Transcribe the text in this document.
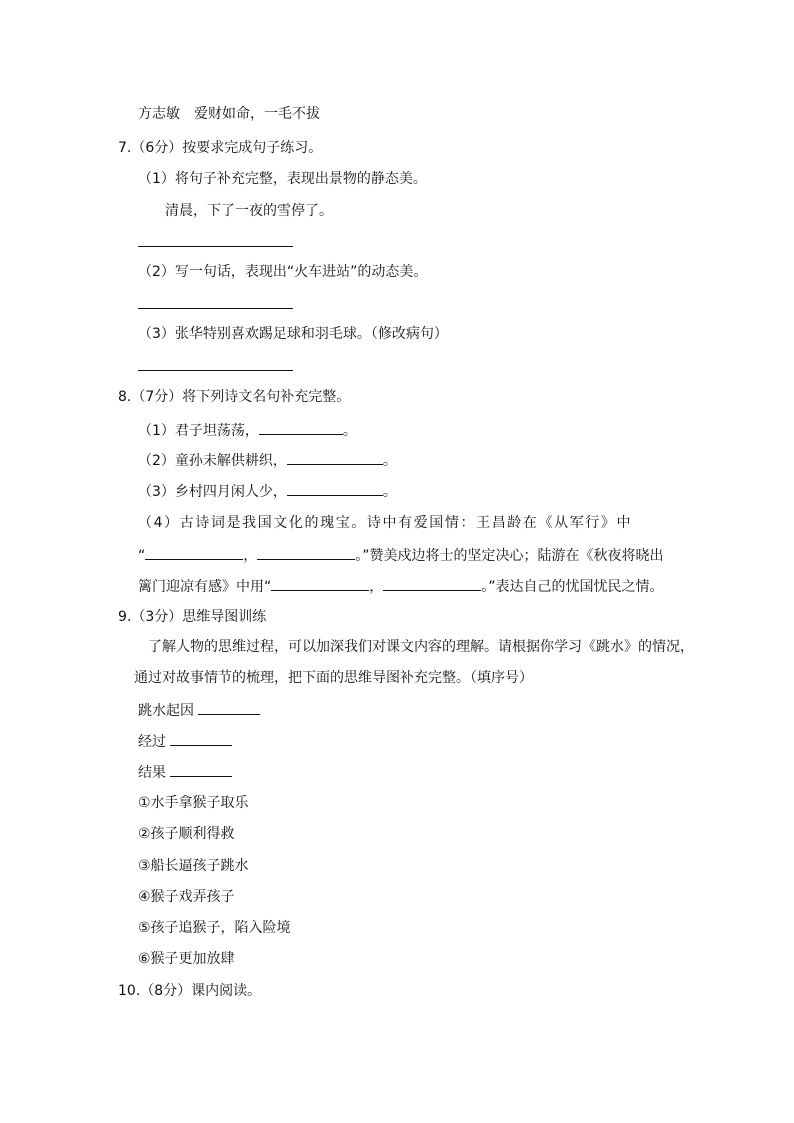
方志敏　爱财如命，一毛不拔
7.（6分）按要求完成句子练习。
（1）将句子补充完整，表现出景物的静态美。
清晨，下了一夜的雪停了。
（2）写一句话，表现出“火车进站”的动态美。
（3）张华特别喜欢踢足球和羽毛球。（修改病句）
8.（7分）将下列诗文名句补充完整。
（1）君子坦荡荡，	。
（2）童孙未解供耕织，	。
（3）乡村四月闲人少，	。
（4）古诗词是我国文化的瑰宝。诗中有爱国情：王昌龄在《从军行》中
“	，	。”赞美戍边将士的坚定决心；陆游在《秋夜将晓出
篱门迎凉有感》中用“	，	。”表达自己的忧国忧民之情。
9.（3分）思维导图训练
了解人物的思维过程，可以加深我们对课文内容的理解。请根据你学习《跳水》的情况，
通过对故事情节的梳理，把下面的思维导图补充完整。（填序号）
跳水起因
经过
结果
①水手拿猴子取乐
②孩子顺利得救
③船长逼孩子跳水
④猴子戏弄孩子
⑤孩子追猴子，陷入险境
⑥猴子更加放肆
10.（8分）课内阅读。
